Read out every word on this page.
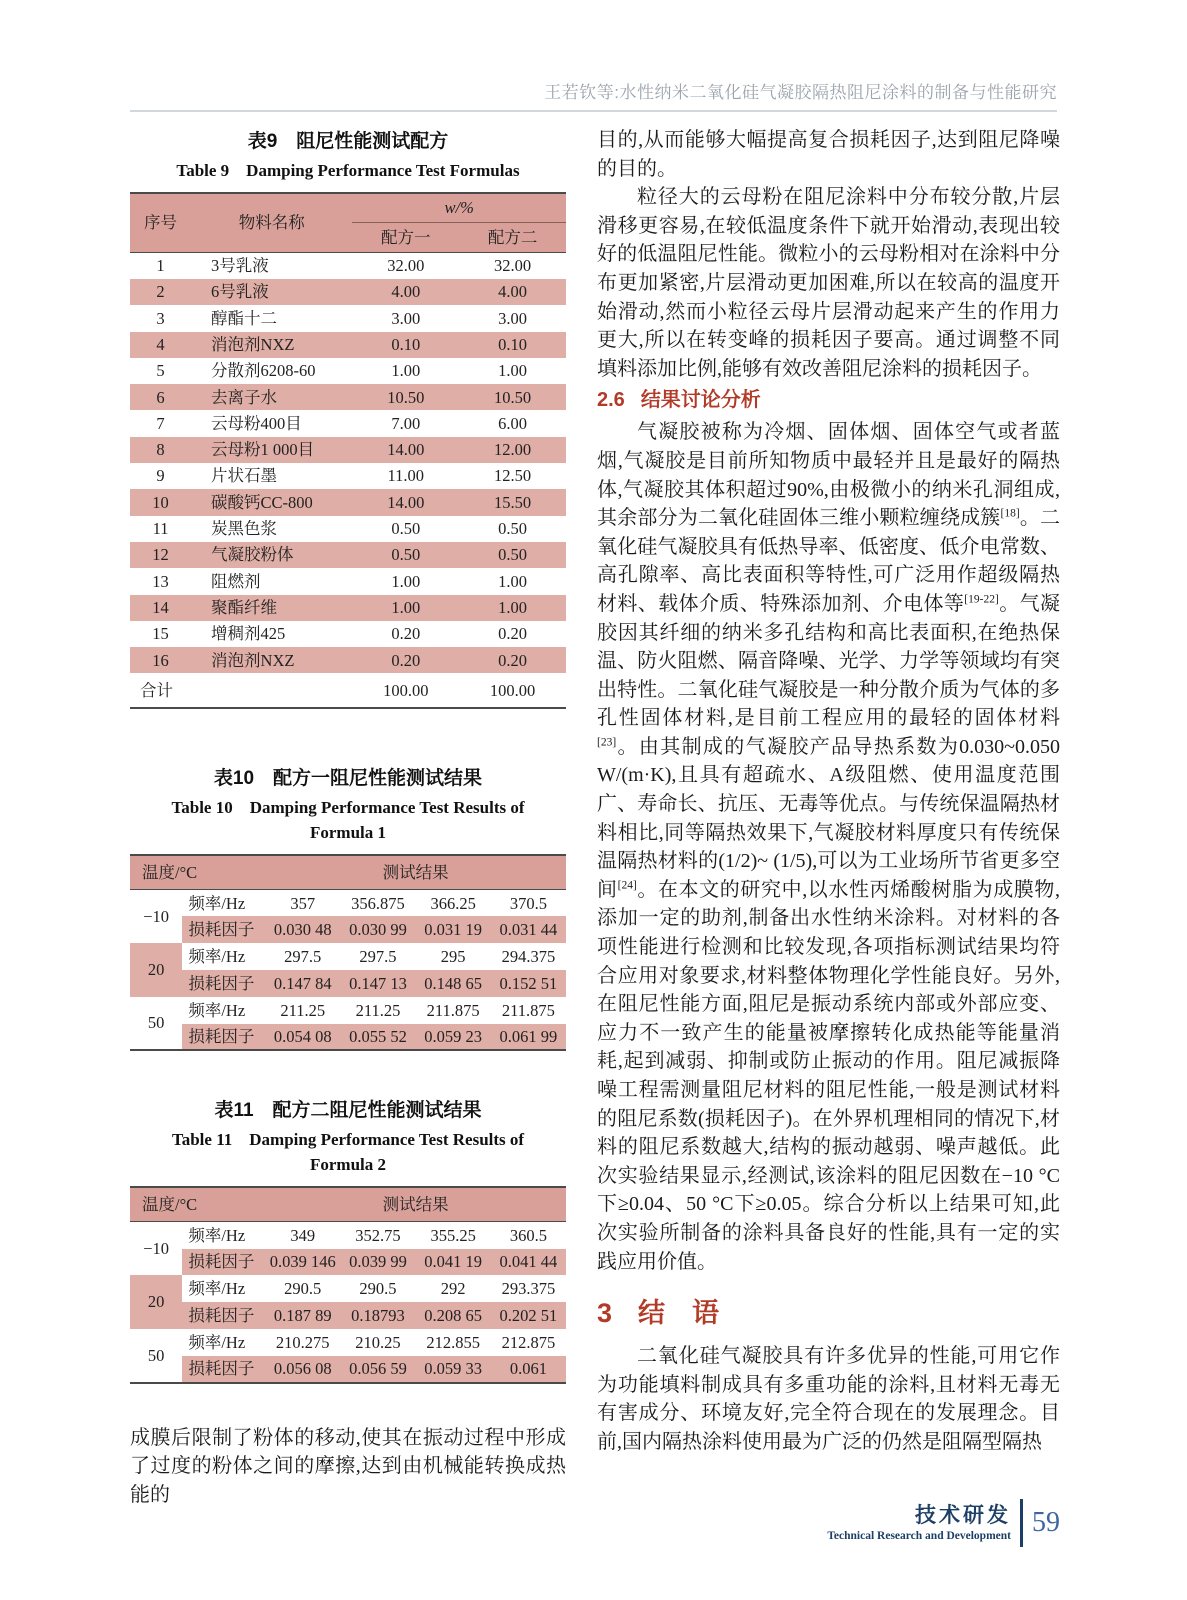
王若钦等:水性纳米二氧化硅气凝胶隔热阻尼涂料的制备与性能研究

表9　阻尼性能测试配方

Table 9　Damping Performance Test Formulas

序号	物料名称	w/%	
		配方一	配方二
1	3号乳液	32.00	32.00
2	6号乳液	4.00	4.00
3	醇酯十二	3.00	3.00
4	消泡剂NXZ	0.10	0.10
5	分散剂6208-60	1.00	1.00
6	去离子水	10.50	10.50
7	云母粉400目	7.00	6.00
8	云母粉1 000目	14.00	12.00
9	片状石墨	11.00	12.50
10	碳酸钙CC-800	14.00	15.50
11	炭黑色浆	0.50	0.50
12	气凝胶粉体	0.50	0.50
13	阻燃剂	1.00	1.00
14	聚酯纤维	1.00	1.00
15	增稠剂425	0.20	0.20
16	消泡剂NXZ	0.20	0.20
合计		100.00	100.00

表10　配方一阻尼性能测试结果

Table 10　Damping Performance Test Results of
Formula 1

温度/°C		测试结果			
−10	频率/Hz	357	356.875	366.25	370.5
	损耗因子	0.030 48	0.030 99	0.031 19	0.031 44
20	频率/Hz	297.5	297.5	295	294.375
	损耗因子	0.147 84	0.147 13	0.148 65	0.152 51
50	频率/Hz	211.25	211.25	211.875	211.875
	损耗因子	0.054 08	0.055 52	0.059 23	0.061 99

表11　配方二阻尼性能测试结果

Table 11　Damping Performance Test Results of
Formula 2

温度/°C		测试结果			
−10	频率/Hz	349	352.75	355.25	360.5
	损耗因子	0.039 146	0.039 99	0.041 19	0.041 44
20	频率/Hz	290.5	290.5	292	293.375
	损耗因子	0.187 89	0.18793	0.208 65	0.202 51
50	频率/Hz	210.275	210.25	212.855	212.875
	损耗因子	0.056 08	0.056 59	0.059 33	0.061

成膜后限制了粉体的移动,使其在振动过程中形成了过度的粉体之间的摩擦,达到由机械能转换成热能的

目的,从而能够大幅提高复合损耗因子,达到阻尼降噪的目的。

粒径大的云母粉在阻尼涂料中分布较分散,片层滑移更容易,在较低温度条件下就开始滑动,表现出较好的低温阻尼性能。微粒小的云母粉相对在涂料中分布更加紧密,片层滑动更加困难,所以在较高的温度开始滑动,然而小粒径云母片层滑动起来产生的作用力更大,所以在转变峰的损耗因子要高。通过调整不同填料添加比例,能够有效改善阻尼涂料的损耗因子。

2.6 结果讨论分析

气凝胶被称为冷烟、固体烟、固体空气或者蓝烟,气凝胶是目前所知物质中最轻并且是最好的隔热体,气凝胶其体积超过90%,由极微小的纳米孔洞组成,其余部分为二氧化硅固体三维小颗粒缠绕成簇[18]。二氧化硅气凝胶具有低热导率、低密度、低介电常数、高孔隙率、高比表面积等特性,可广泛用作超级隔热材料、载体介质、特殊添加剂、介电体等[19-22]。气凝胶因其纤细的纳米多孔结构和高比表面积,在绝热保温、防火阻燃、隔音降噪、光学、力学等领域均有突出特性。二氧化硅气凝胶是一种分散介质为气体的多孔性固体材料,是目前工程应用的最轻的固体材料[23]。由其制成的气凝胶产品导热系数为0.030~0.050 W/(m·K),且具有超疏水、A级阻燃、使用温度范围广、寿命长、抗压、无毒等优点。与传统保温隔热材料相比,同等隔热效果下,气凝胶材料厚度只有传统保温隔热材料的(1/2)~ (1/5),可以为工业场所节省更多空间[24]。在本文的研究中,以水性丙烯酸树脂为成膜物,添加一定的助剂,制备出水性纳米涂料。对材料的各项性能进行检测和比较发现,各项指标测试结果均符合应用对象要求,材料整体物理化学性能良好。另外,在阻尼性能方面,阻尼是振动系统内部或外部应变、应力不一致产生的能量被摩擦转化成热能等能量消耗,起到减弱、抑制或防止振动的作用。阻尼减振降噪工程需测量阻尼材料的阻尼性能,一般是测试材料的阻尼系数(损耗因子)。在外界机理相同的情况下,材料的阻尼系数越大,结构的振动越弱、噪声越低。此次实验结果显示,经测试,该涂料的阻尼因数在−10 °C下≥0.04、50 °C下≥0.05。综合分析以上结果可知,此次实验所制备的涂料具备良好的性能,具有一定的实践应用价值。

3 结　语

二氧化硅气凝胶具有许多优异的性能,可用它作为功能填料制成具有多重功能的涂料,且材料无毒无有害成分、环境友好,完全符合现在的发展理念。目前,国内隔热涂料使用最为广泛的仍然是阻隔型隔热

技术研发
Technical Research and Development 59
